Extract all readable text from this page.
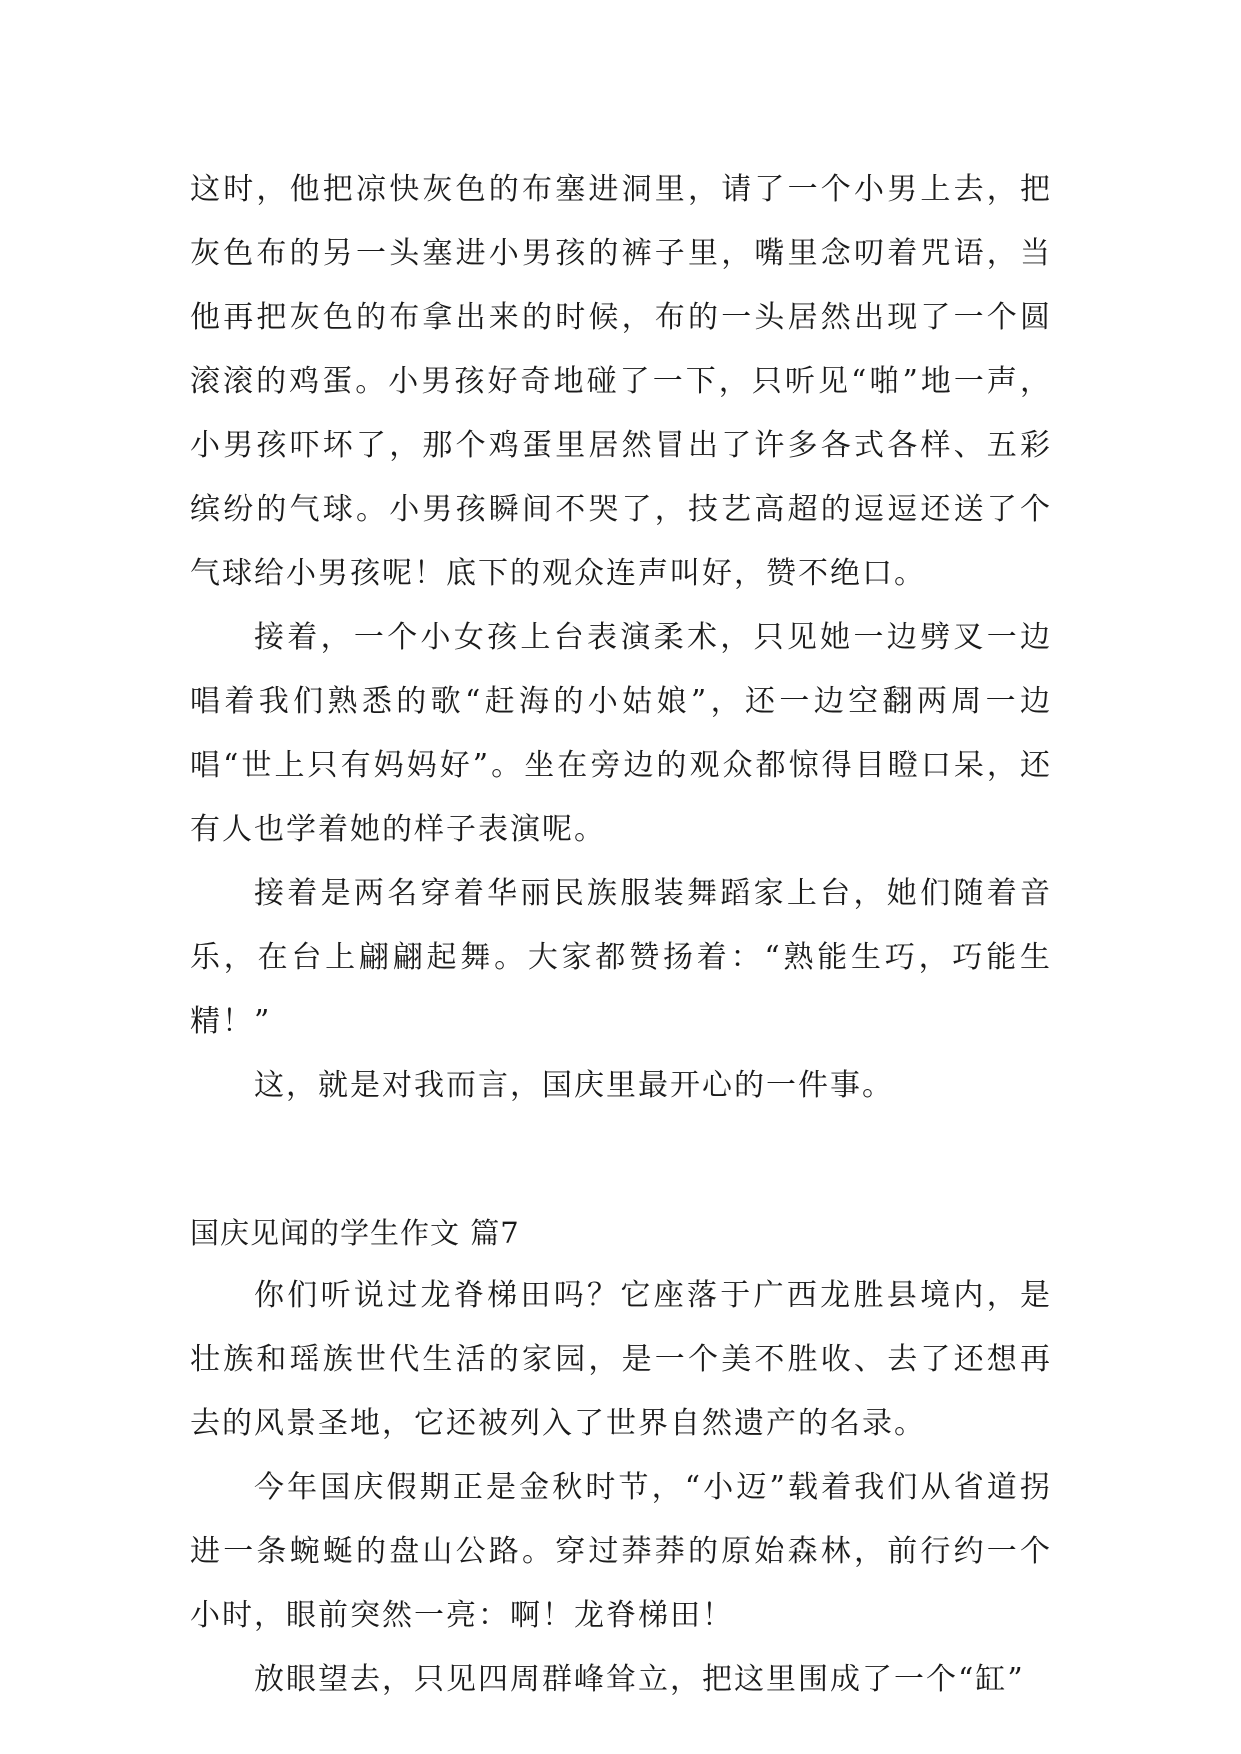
这时，他把凉快灰色的布塞进洞里，请了一个小男上去，把灰色布的另一头塞进小男孩的裤子里，嘴里念叨着咒语，当他再把灰色的布拿出来的时候，布的一头居然出现了一个圆滚滚的鸡蛋。小男孩好奇地碰了一下，只听见“啪”地一声，小男孩吓坏了，那个鸡蛋里居然冒出了许多各式各样、五彩缤纷的气球。小男孩瞬间不哭了，技艺高超的逗逗还送了个气球给小男孩呢！底下的观众连声叫好，赞不绝口。

接着，一个小女孩上台表演柔术，只见她一边劈叉一边唱着我们熟悉的歌“赶海的小姑娘”，还一边空翻两周一边唱“世上只有妈妈好”。坐在旁边的观众都惊得目瞪口呆，还有人也学着她的样子表演呢。

接着是两名穿着华丽民族服装舞蹈家上台，她们随着音乐，在台上翩翩起舞。大家都赞扬着：“熟能生巧，巧能生精！”

这，就是对我而言，国庆里最开心的一件事。

国庆见闻的学生作文 篇7

你们听说过龙脊梯田吗？它座落于广西龙胜县境内，是壮族和瑶族世代生活的家园，是一个美不胜收、去了还想再去的风景圣地，它还被列入了世界自然遗产的名录。

今年国庆假期正是金秋时节，“小迈”载着我们从省道拐进一条蜿蜒的盘山公路。穿过莽莽的原始森林，前行约一个小时，眼前突然一亮：啊！龙脊梯田！

放眼望去，只见四周群峰耸立，把这里围成了一个“缸”
